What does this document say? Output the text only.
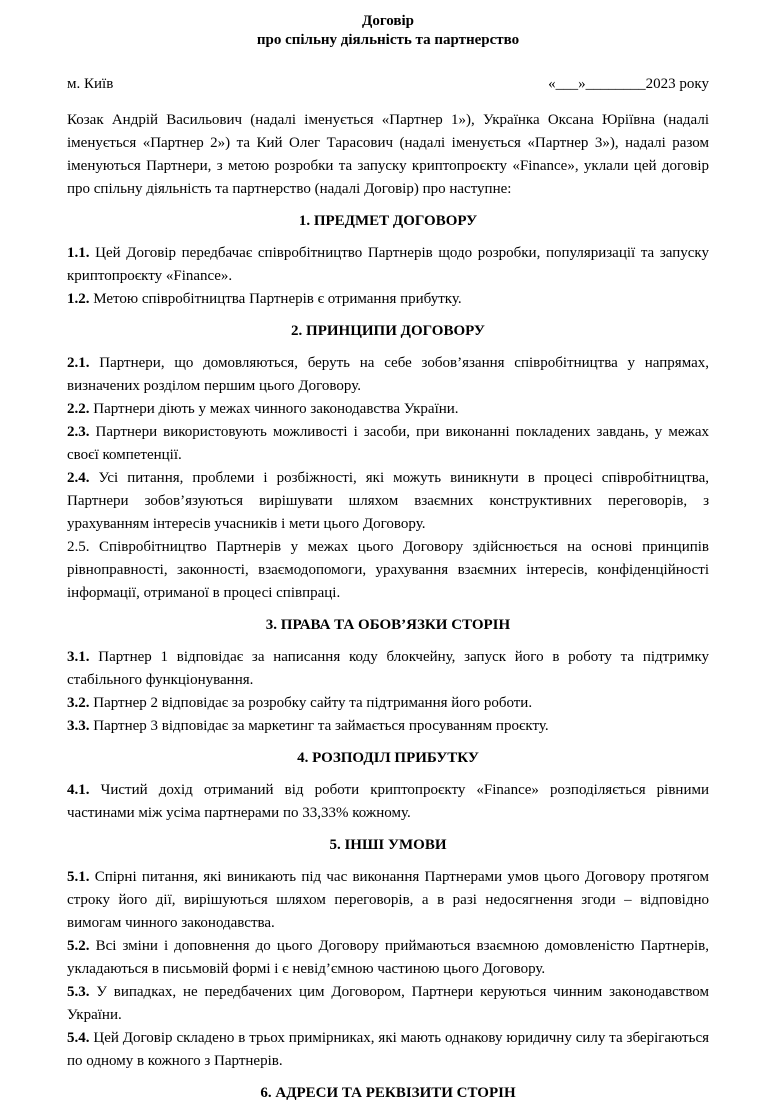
Договір
про спільну діяльність та партнерство
м. Київ	«___»________2023 року

Козак Андрій Васильович (надалі іменується «Партнер 1»), Українка Оксана Юріївна (надалі іменується «Партнер 2») та Кий Олег Тарасович (надалі іменується «Партнер 3»), надалі разом іменуються Партнери, з метою розробки та запуску криптопроєкту «Finance», уклали цей договір про спільну діяльність та партнерство (надалі Договір) про наступне:

1. ПРЕДМЕТ ДОГОВОРУ

1.1. Цей Договір передбачає співробітництво Партнерів щодо розробки, популяризації та запуску криптопроєкту «Finance».

1.2. Метою співробітництва Партнерів є отримання прибутку.

2. ПРИНЦИПИ ДОГОВОРУ

2.1. Партнери, що домовляються, беруть на себе зобов’язання співробітництва у напрямах, визначених розділом першим цього Договору.

2.2. Партнери діють у межах чинного законодавства України.

2.3. Партнери використовують можливості і засоби, при виконанні покладених завдань, у межах своєї компетенції.

2.4. Усі питання, проблеми і розбіжності, які можуть виникнути в процесі співробітництва, Партнери зобов’язуються вирішувати шляхом взаємних конструктивних переговорів, з урахуванням інтересів учасників і мети цього Договору.

2.5. Співробітництво Партнерів у межах цього Договору здійснюється на основі принципів рівноправності, законності, взаємодопомоги, урахування взаємних інтересів, конфіденційності інформації, отриманої в процесі співпраці.

3. ПРАВА ТА ОБОВ’ЯЗКИ СТОРІН

3.1. Партнер 1 відповідає за написання коду блокчейну, запуск його в роботу та підтримку стабільного функціонування.

3.2. Партнер 2 відповідає за розробку сайту та підтримання його роботи.

3.3. Партнер 3 відповідає за маркетинг та займається просуванням проєкту.

4. РОЗПОДІЛ ПРИБУТКУ

4.1. Чистий дохід отриманий від роботи криптопроєкту «Finance» розподіляється рівними частинами між усіма партнерами по 33,33% кожному.

5. ІНШІ УМОВИ

5.1. Спірні питання, які виникають під час виконання Партнерами умов цього Договору протягом строку його дії, вирішуються шляхом переговорів, а в разі недосягнення згоди – відповідно вимогам чинного законодавства.

5.2. Всі зміни і доповнення до цього Договору приймаються взаємною домовленістю Партнерів, укладаються в письмовій формі і є невід’ємною частиною цього Договору.

5.3. У випадках, не передбачених цим Договором, Партнери керуються чинним законодавством України.

5.4. Цей Договір складено в трьох примірниках, які мають однакову юридичну силу та зберігаються по одному в кожного з Партнерів.

6. АДРЕСИ ТА РЕКВІЗИТИ СТОРІН
